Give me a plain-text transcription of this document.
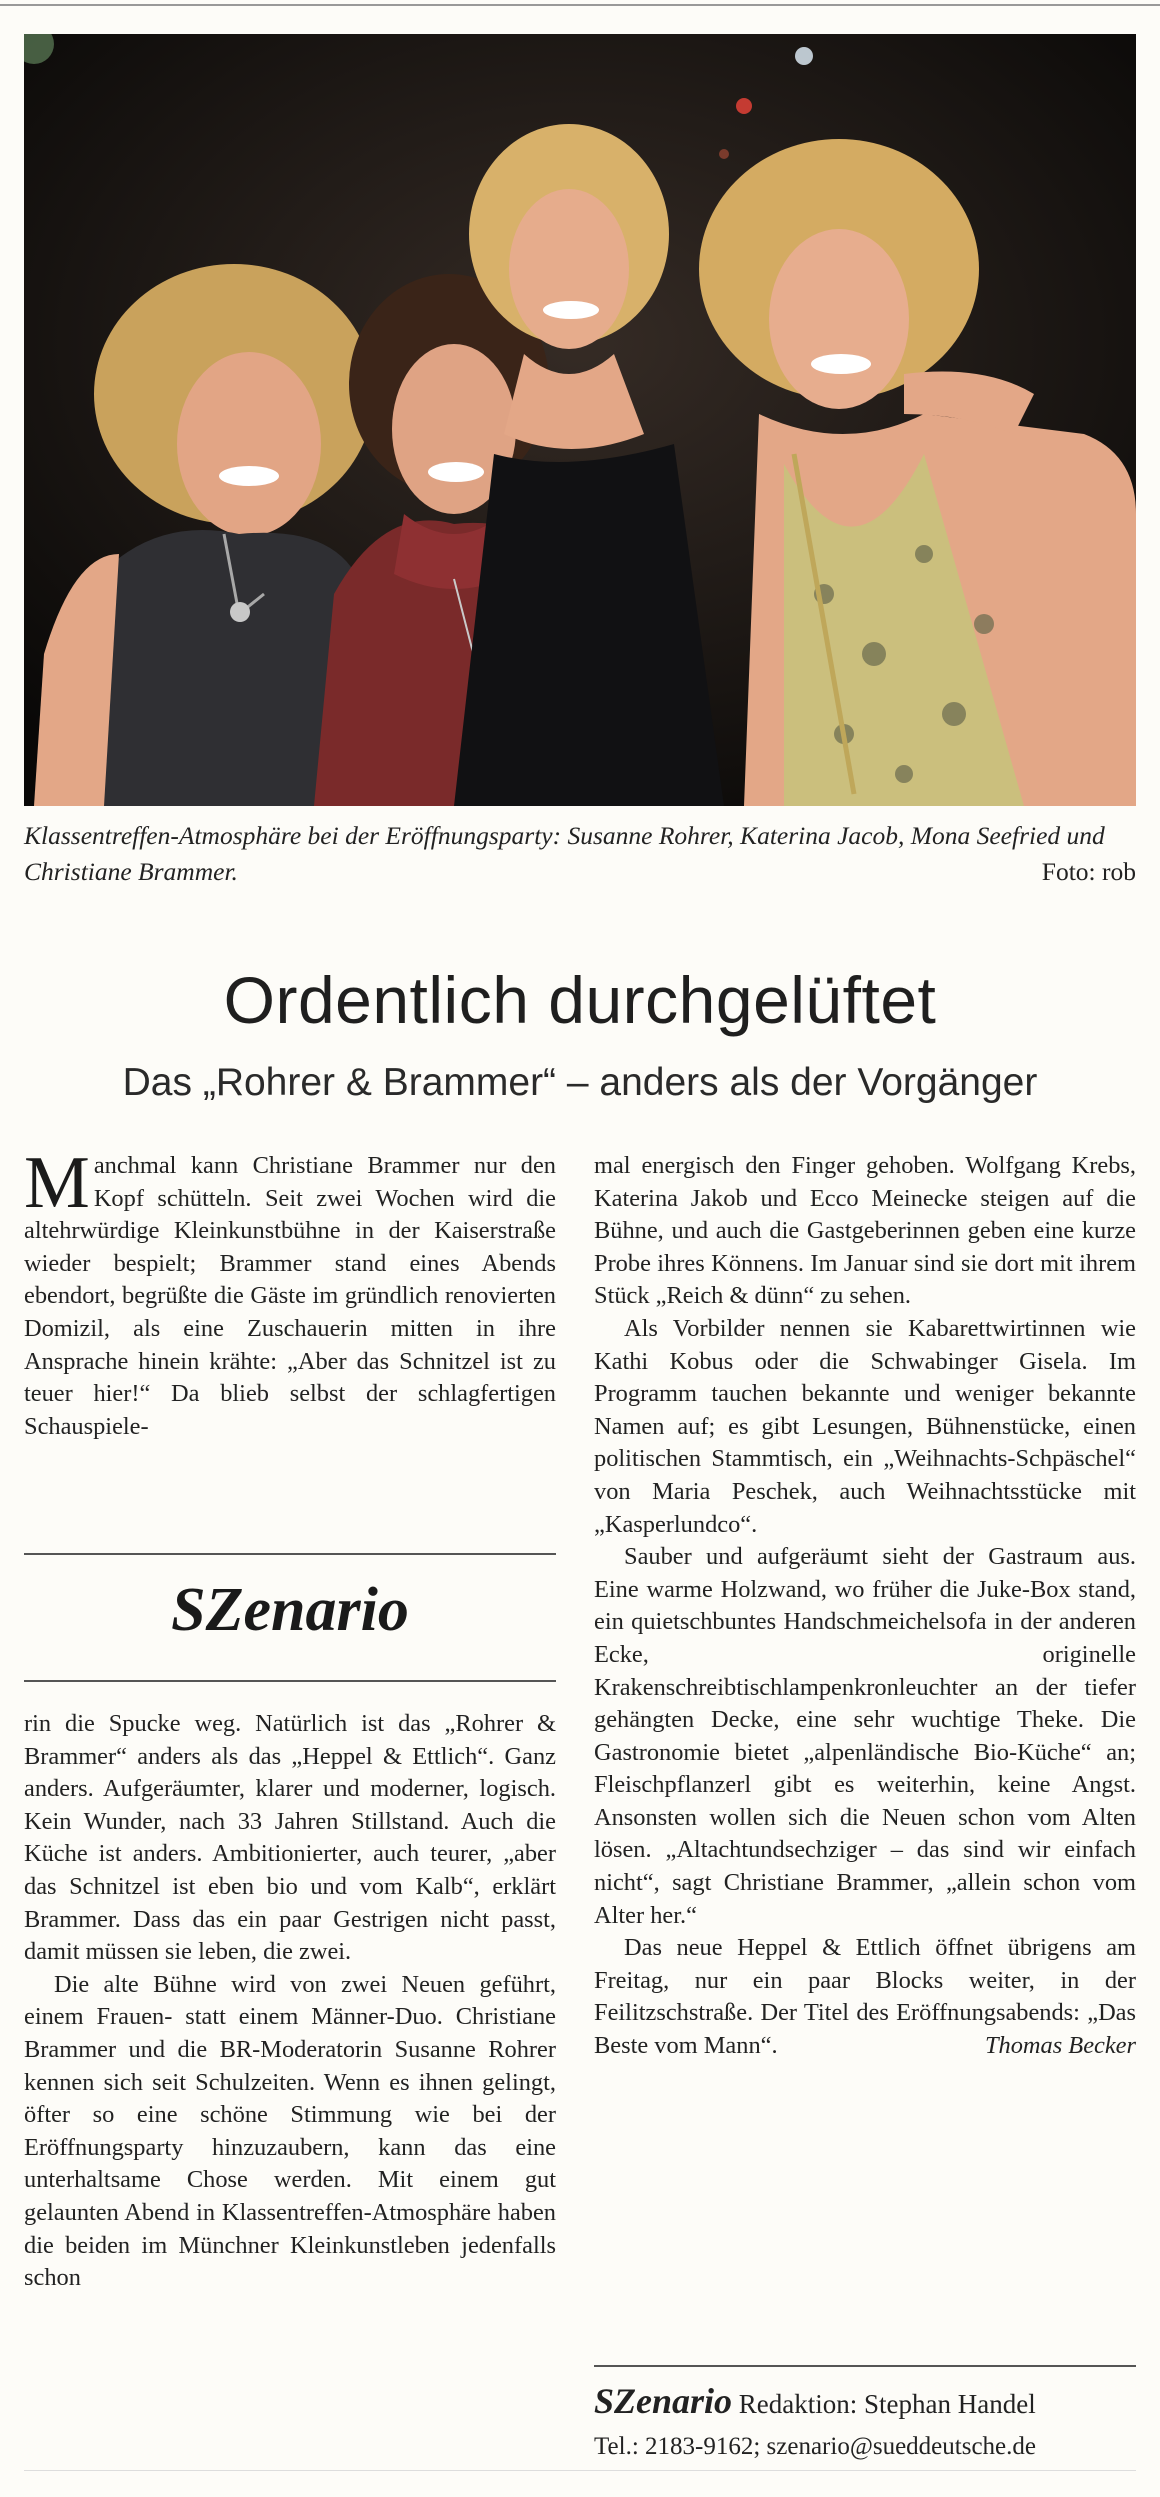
Klassentreffen-Atmosphäre bei der Eröffnungsparty: Susanne Rohrer, Katerina Jacob, Mona Seefried und Christiane Brammer.	Foto: rob
Ordentlich durchgelüftet
Das „Rohrer & Brammer“ – anders als der Vorgänger

Manchmal kann Christiane Brammer nur den Kopf schütteln. Seit zwei Wochen wird die altehrwürdige Kleinkunstbühne in der Kaiserstraße wieder bespielt; Brammer stand eines Abends ebendort, begrüßte die Gäste im gründlich renovierten Domizil, als eine Zuschauerin mitten in ihre Ansprache hinein krähte: „Aber das Schnitzel ist zu teuer hier!“ Da blieb selbst der schlagfertigen Schauspiele-

SZenario

rin die Spucke weg. Natürlich ist das „Rohrer & Brammer“ anders als das „Heppel & Ettlich“. Ganz anders. Aufgeräumter, klarer und moderner, logisch. Kein Wunder, nach 33 Jahren Stillstand. Auch die Küche ist anders. Ambitionierter, auch teurer, „aber das Schnitzel ist eben bio und vom Kalb“, erklärt Brammer. Dass das ein paar Gestrigen nicht passt, damit müssen sie leben, die zwei.

Die alte Bühne wird von zwei Neuen geführt, einem Frauen- statt einem Männer-Duo. Christiane Brammer und die BR-Moderatorin Susanne Rohrer kennen sich seit Schulzeiten. Wenn es ihnen gelingt, öfter so eine schöne Stimmung wie bei der Eröffnungsparty hinzuzaubern, kann das eine unterhaltsame Chose werden. Mit einem gut gelaunten Abend in Klassentreffen-Atmosphäre haben die beiden im Münchner Kleinkunstleben jedenfalls schon

mal energisch den Finger gehoben. Wolfgang Krebs, Katerina Jakob und Ecco Meinecke steigen auf die Bühne, und auch die Gastgeberinnen geben eine kurze Probe ihres Könnens. Im Januar sind sie dort mit ihrem Stück „Reich & dünn“ zu sehen.

Als Vorbilder nennen sie Kabarettwirtinnen wie Kathi Kobus oder die Schwabinger Gisela. Im Programm tauchen bekannte und weniger bekannte Namen auf; es gibt Lesungen, Bühnenstücke, einen politischen Stammtisch, ein „Weihnachts-Schpäschel“ von Maria Peschek, auch Weihnachtsstücke mit „Kasperlundco“.

Sauber und aufgeräumt sieht der Gastraum aus. Eine warme Holzwand, wo früher die Juke-Box stand, ein quietschbuntes Handschmeichelsofa in der anderen Ecke, originelle Krakenschreibtischlampenkronleuchter an der tiefer gehängten Decke, eine sehr wuchtige Theke. Die Gastronomie bietet „alpenländische Bio-Küche“ an; Fleischpflanzerl gibt es weiterhin, keine Angst. Ansonsten wollen sich die Neuen schon vom Alten lösen. „Altachtundsechziger – das sind wir einfach nicht“, sagt Christiane Brammer, „allein schon vom Alter her.“

Das neue Heppel & Ettlich öffnet übrigens am Freitag, nur ein paar Blocks weiter, in der Feilitzschstraße. Der Titel des Eröffnungsabends: „Das Beste vom Mann“.	Thomas Becker

SZenario Redaktion: Stephan Handel
Tel.: 2183-9162; szenario@sueddeutsche.de
